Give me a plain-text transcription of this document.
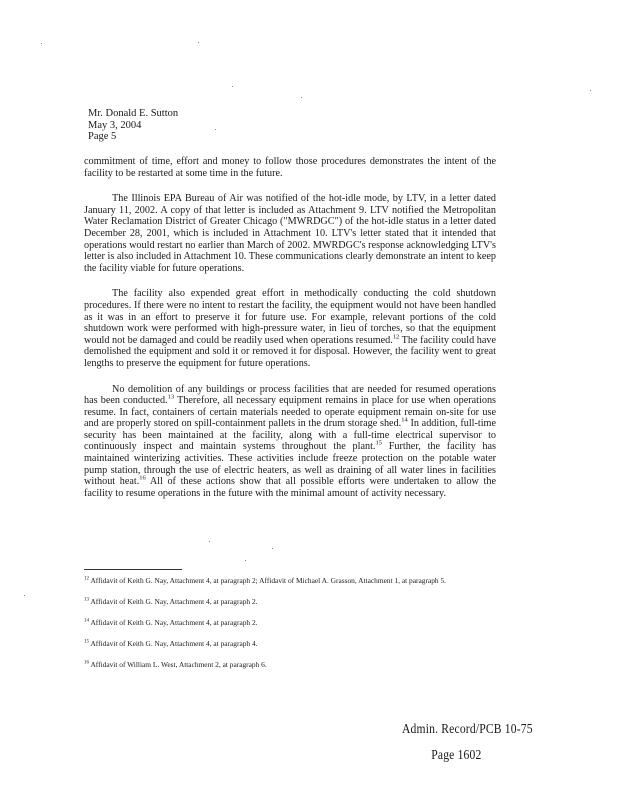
Mr. Donald E. Sutton
May 3, 2004
Page 5

commitment of time, effort and money to follow those procedures demonstrates the intent of the facility to be restarted at some time in the future.

The Illinois EPA Bureau of Air was notified of the hot-idle mode, by LTV, in a letter dated January 11, 2002. A copy of that letter is included as Attachment 9. LTV notified the Metropolitan Water Reclamation District of Greater Chicago ("MWRDGC") of the hot-idle status in a letter dated December 28, 2001, which is included in Attachment 10. LTV's letter stated that it intended that operations would restart no earlier than March of 2002. MWRDGC's response acknowledging LTV's letter is also included in Attachment 10. These communications clearly demonstrate an intent to keep the facility viable for future operations.

The facility also expended great effort in methodically conducting the cold shutdown procedures. If there were no intent to restart the facility, the equipment would not have been handled as it was in an effort to preserve it for future use. For example, relevant portions of the cold shutdown work were performed with high-pressure water, in lieu of torches, so that the equipment would not be damaged and could be readily used when operations resumed.$^{12}$ The facility could have demolished the equipment and sold it or removed it for disposal. However, the facility went to great lengths to preserve the equipment for future operations.

No demolition of any buildings or process facilities that are needed for resumed operations has been conducted.$^{13}$ Therefore, all necessary equipment remains in place for use when operations resume. In fact, containers of certain materials needed to operate equipment remain on-site for use and are properly stored on spill-containment pallets in the drum storage shed.$^{14}$ In addition, full-time security has been maintained at the facility, along with a full-time electrical supervisor to continuously inspect and maintain systems throughout the plant.$^{15}$ Further, the facility has maintained winterizing activities. These activities include freeze protection on the potable water pump station, through the use of electric heaters, as well as draining of all water lines in facilities without heat.$^{16}$ All of these actions show that all possible efforts were undertaken to allow the facility to resume operations in the future with the minimal amount of activity necessary.

$^{12}$ Affidavit of Keith G. Nay, Attachment 4, at paragraph 2; Affidavit of Michael A. Grasson, Attachment 1, at paragraph 5.
$^{13}$ Affidavit of Keith G. Nay, Attachment 4, at paragraph 2.
$^{14}$ Affidavit of Keith G. Nay, Attachment 4, at paragraph 2.
$^{15}$ Affidavit of Keith G. Nay, Attachment 4, at paragraph 4.
$^{16}$ Affidavit of William L. West, Attachment 2, at paragraph 6.
Admin. Record/PCB 10-75
Page 1602
